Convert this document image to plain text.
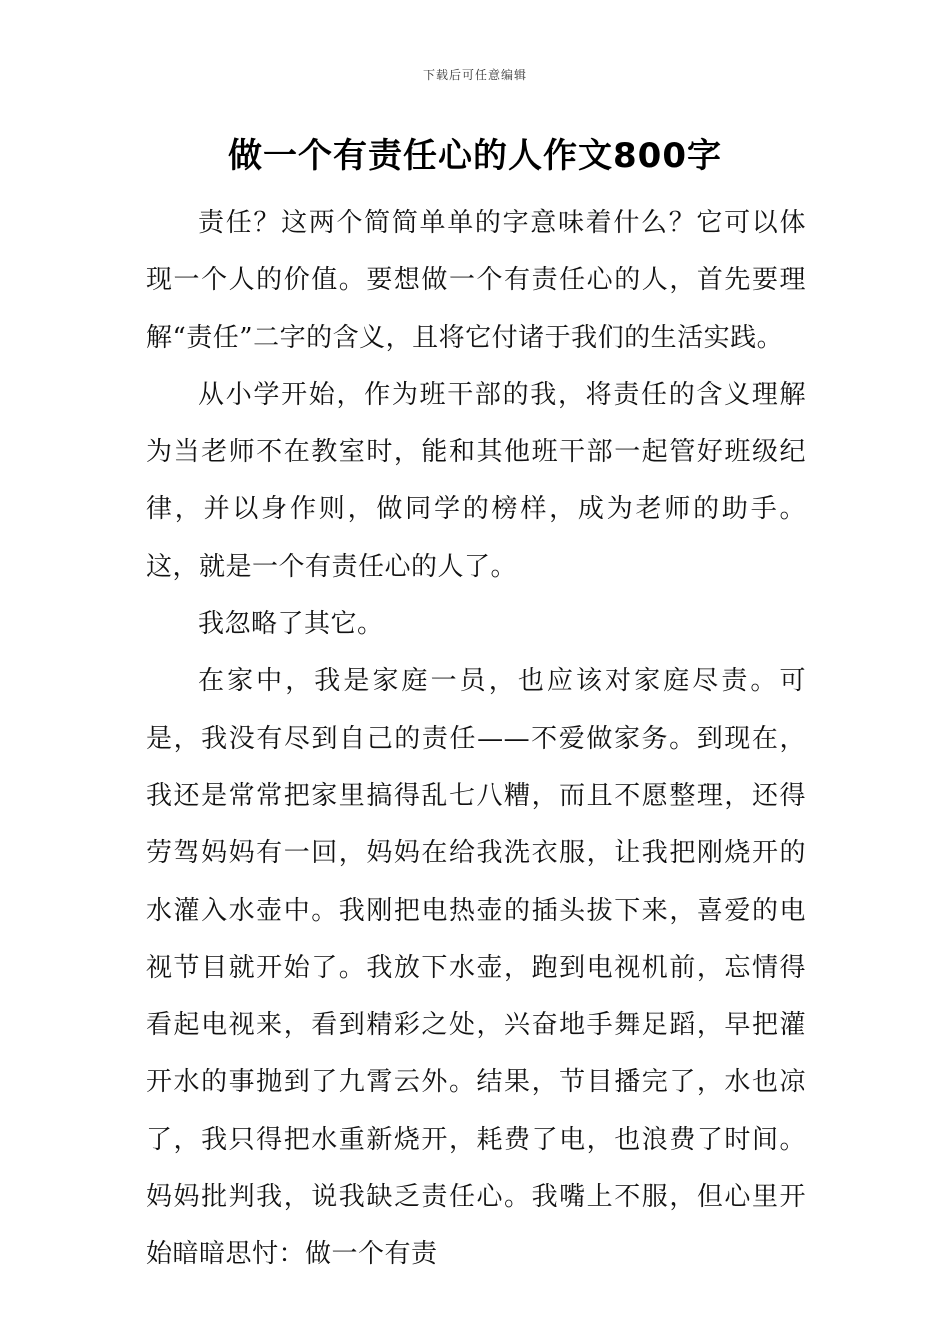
下载后可任意编辑
做一个有责任心的人作文800字

责任？这两个简简单单的字意味着什么？它可以体现一个人的价值。要想做一个有责任心的人，首先要理解“责任”二字的含义，且将它付诸于我们的生活实践。

从小学开始，作为班干部的我，将责任的含义理解为当老师不在教室时，能和其他班干部一起管好班级纪律，并以身作则，做同学的榜样，成为老师的助手。这，就是一个有责任心的人了。

我忽略了其它。

在家中，我是家庭一员，也应该对家庭尽责。可是，我没有尽到自己的责任——不爱做家务。到现在，我还是常常把家里搞得乱七八糟，而且不愿整理，还得劳驾妈妈有一回，妈妈在给我洗衣服，让我把刚烧开的水灌入水壶中。我刚把电热壶的插头拔下来，喜爱的电视节目就开始了。我放下水壶，跑到电视机前，忘情得看起电视来，看到精彩之处，兴奋地手舞足蹈，早把灌开水的事抛到了九霄云外。结果，节目播完了，水也凉了，我只得把水重新烧开，耗费了电，也浪费了时间。妈妈批判我，说我缺乏责任心。我嘴上不服，但心里开始暗暗思忖：做一个有责
